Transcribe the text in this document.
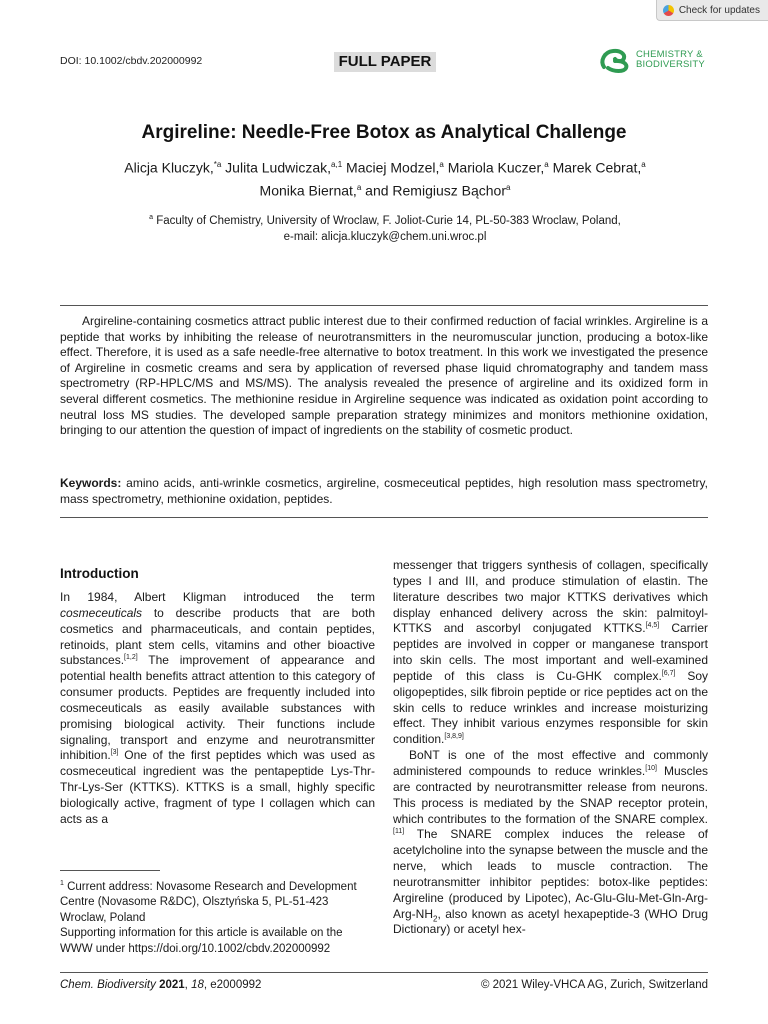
Check for updates
DOI: 10.1002/cbdv.202000992	FULL PAPER	CHEMISTRY &
BIODIVERSITY
Argireline: Needle-Free Botox as Analytical Challenge
Alicja Kluczyk,$^{*a}$ Julita Ludwiczak,$^{a,1}$ Maciej Modzel,$^a$ Mariola Kuczer,$^a$ Marek Cebrat,$^a$
Monika Biernat,$^a$ and Remigiusz Bąchor$^a$
$^a$ Faculty of Chemistry, University of Wroclaw, F. Joliot-Curie 14, PL-50-383 Wroclaw, Poland,
e-mail: alicja.kluczyk@chem.uni.wroc.pl
Argireline-containing cosmetics attract public interest due to their confirmed reduction of facial wrinkles. Argireline is a peptide that works by inhibiting the release of neurotransmitters in the neuromuscular junction, producing a botox-like effect. Therefore, it is used as a safe needle-free alternative to botox treatment. In this work we investigated the presence of Argireline in cosmetic creams and sera by application of reversed phase liquid chromatography and tandem mass spectrometry (RP-HPLC/MS and MS/MS). The analysis revealed the presence of argireline and its oxidized form in several different cosmetics. The methionine residue in Argireline sequence was indicated as oxidation point according to neutral loss MS studies. The developed sample preparation strategy minimizes and monitors methionine oxidation, bringing to our attention the question of impact of ingredients on the stability of cosmetic product.
Keywords: amino acids, anti-wrinkle cosmetics, argireline, cosmeceutical peptides, high resolution mass spectrometry, mass spectrometry, methionine oxidation, peptides.
Introduction

In 1984, Albert Kligman introduced the term cosmeceuticals to describe products that are both cosmetics and pharmaceuticals, and contain peptides, retinoids, plant stem cells, vitamins and other bioactive substances.[1,2] The improvement of appearance and potential health benefits attract attention to this category of consumer products. Peptides are frequently included into cosmeceuticals as easily available substances with promising biological activity. Their functions include signaling, transport and enzyme and neurotransmitter inhibition.[3] One of the first peptides which was used as cosmeceutical ingredient was the pentapeptide Lys-Thr-Thr-Lys-Ser (KTTKS). KTTKS is a small, highly specific biologically active, fragment of type I collagen which can acts as a

messenger that triggers synthesis of collagen, specifically types I and III, and produce stimulation of elastin. The literature describes two major KTTKS derivatives which display enhanced delivery across the skin: palmitoyl-KTTKS and ascorbyl conjugated KTTKS.[4,5] Carrier peptides are involved in copper or manganese transport into skin cells. The most important and well-examined peptide of this class is Cu-GHK complex.[6,7] Soy oligopeptides, silk fibroin peptide or rice peptides act on the skin cells to reduce wrinkles and increase moisturizing effect. They inhibit various enzymes responsible for skin condition.[3,8,9]

BoNT is one of the most effective and commonly administered compounds to reduce wrinkles.[10] Muscles are contracted by neurotransmitter release from neurons. This process is mediated by the SNAP receptor protein, which contributes to the formation of the SNARE complex.[11] The SNARE complex induces the release of acetylcholine into the synapse between the muscle and the nerve, which leads to muscle contraction. The neurotransmitter inhibitor peptides: botox-like peptides: Argireline (produced by Lipotec), $Ac-Glu-Glu-Met-Gln-Arg-Arg-NH_2$, also known as acetyl hexapeptide-3 (WHO Drug Dictionary) or acetyl hex-

$^1$ Current address: Novasome Research and Development Centre (Novasome R&DC), Olsztyńska 5, PL-51-423 Wroclaw, Poland

Supporting information for this article is available on the WWW under https://doi.org/10.1002/cbdv.202000992

Chem. Biodiversity 2021, 18, e2000992	© 2021 Wiley-VHCA AG, Zurich, Switzerland
